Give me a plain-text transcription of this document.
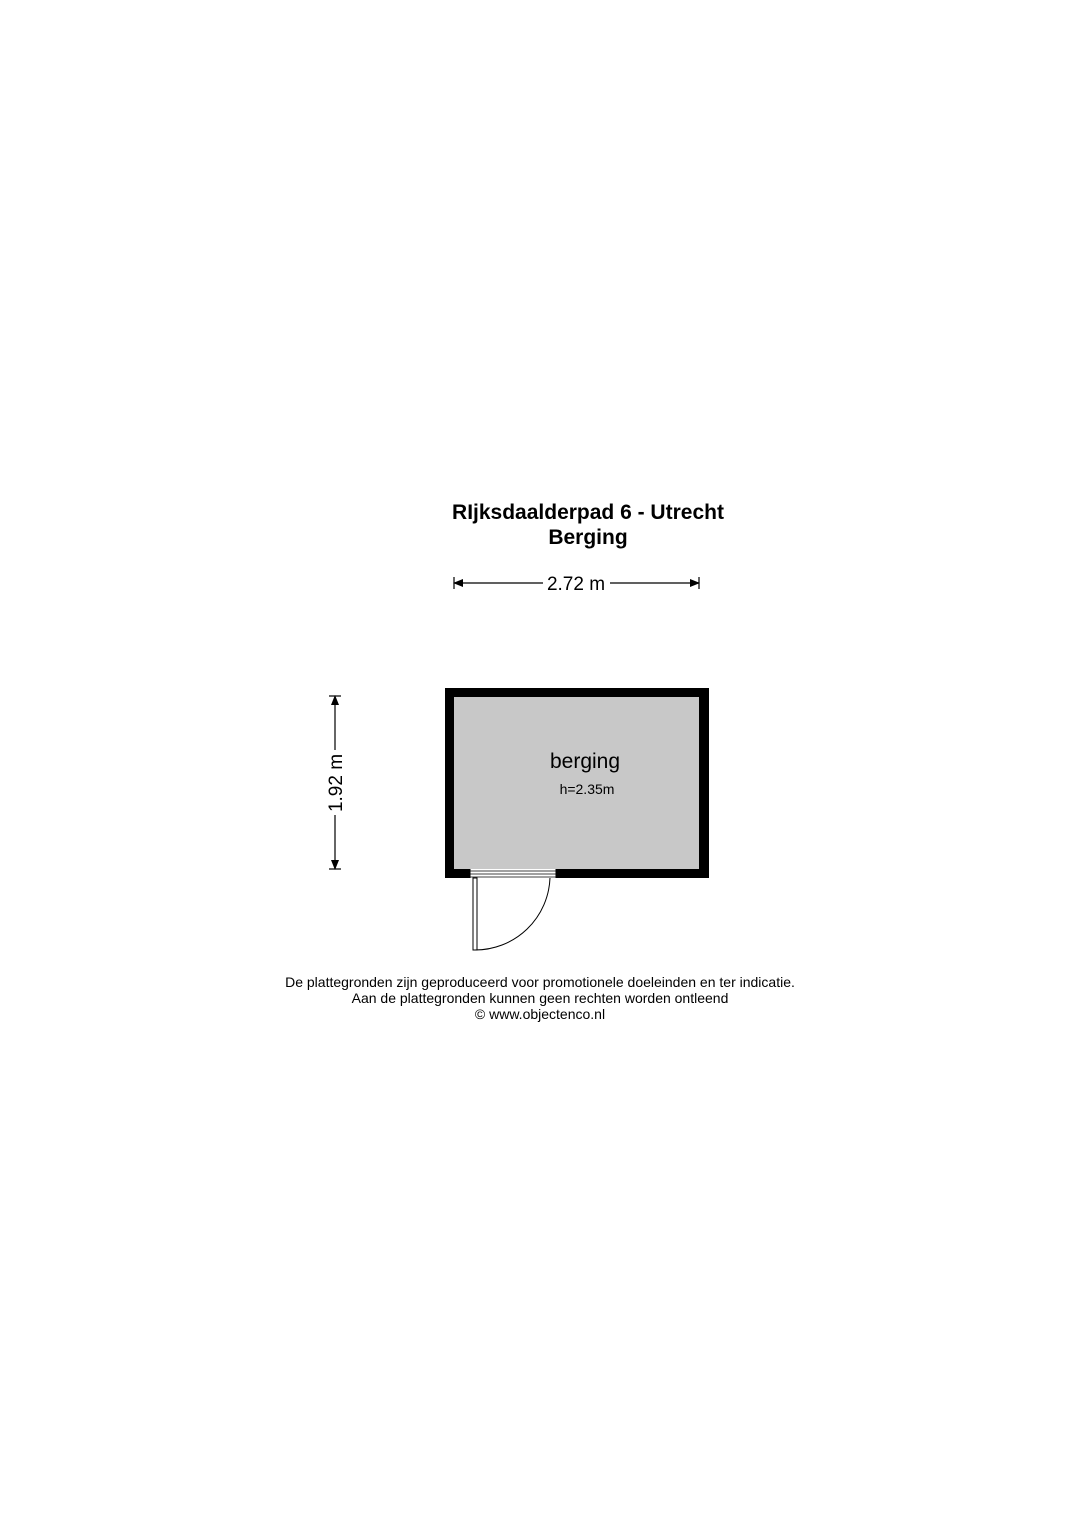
RIjksdaalderpad 6 - Utrecht
Berging
2.72 m
1.92 m	berging
h=2.35m
De plattegronden zijn geproduceerd voor promotionele doeleinden en ter indicatie.
Aan de plattegronden kunnen geen rechten worden ontleend
© www.objectenco.nl
